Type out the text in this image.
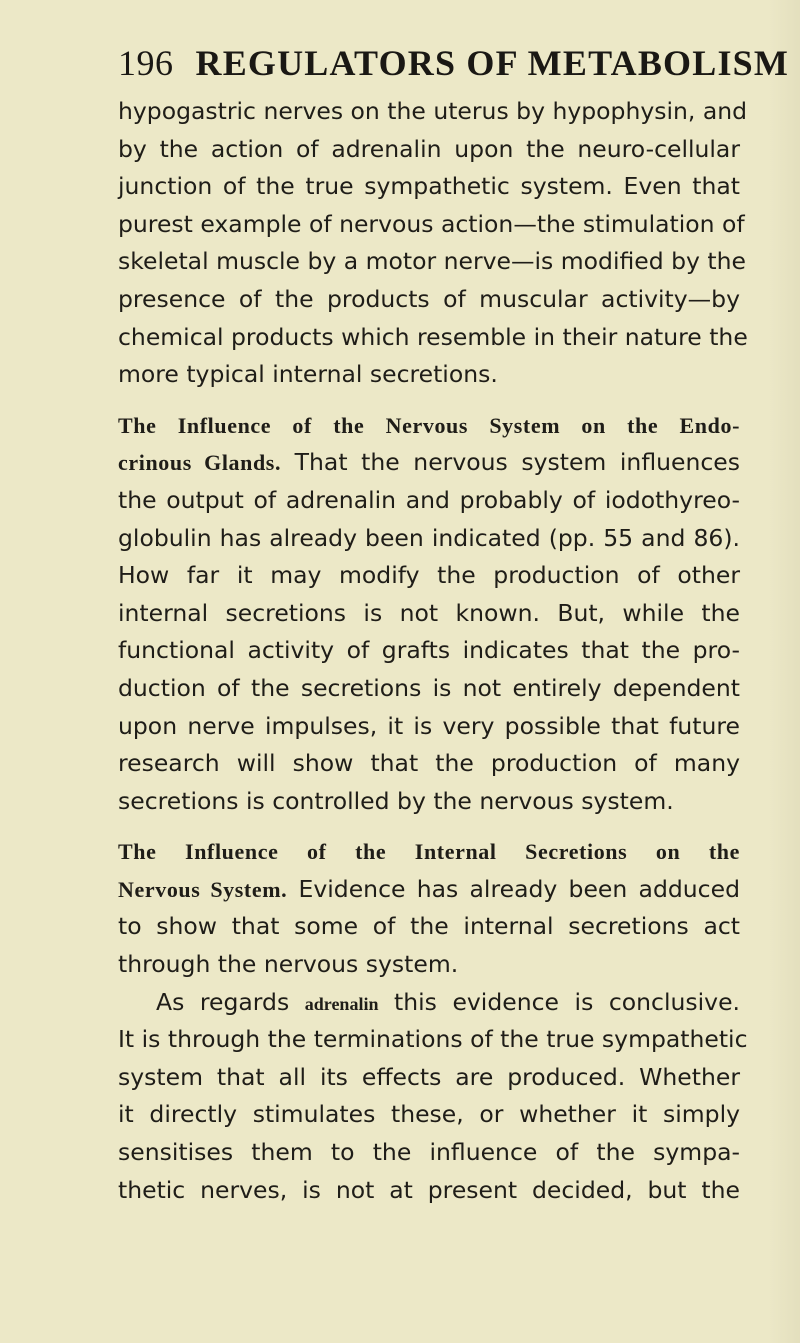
196 REGULATORS OF METABOLISM
hypogastric nerves on the uterus by hypophysin, and
by the action of adrenalin upon the neuro-cellular
junction of the true sympathetic system. Even that
purest example of nervous action—the stimulation of
skeletal muscle by a motor nerve—is modified by the
presence of the products of muscular activity—by
chemical products which resemble in their nature the
more typical internal secretions.
The Influence of the Nervous System on the Endo-
crinous Glands. That the nervous system influences
the output of adrenalin and probably of iodothyreo-
globulin has already been indicated (pp. 55 and 86).
How far it may modify the production of other
internal secretions is not known. But, while the
functional activity of grafts indicates that the pro-
duction of the secretions is not entirely dependent
upon nerve impulses, it is very possible that future
research will show that the production of many
secretions is controlled by the nervous system.
The Influence of the Internal Secretions on the
Nervous System. Evidence has already been adduced
to show that some of the internal secretions act
through the nervous system.
As regards adrenalin this evidence is conclusive.
It is through the terminations of the true sympathetic
system that all its effects are produced. Whether
it directly stimulates these, or whether it simply
sensitises them to the influence of the sympa-
thetic nerves, is not at present decided, but the
